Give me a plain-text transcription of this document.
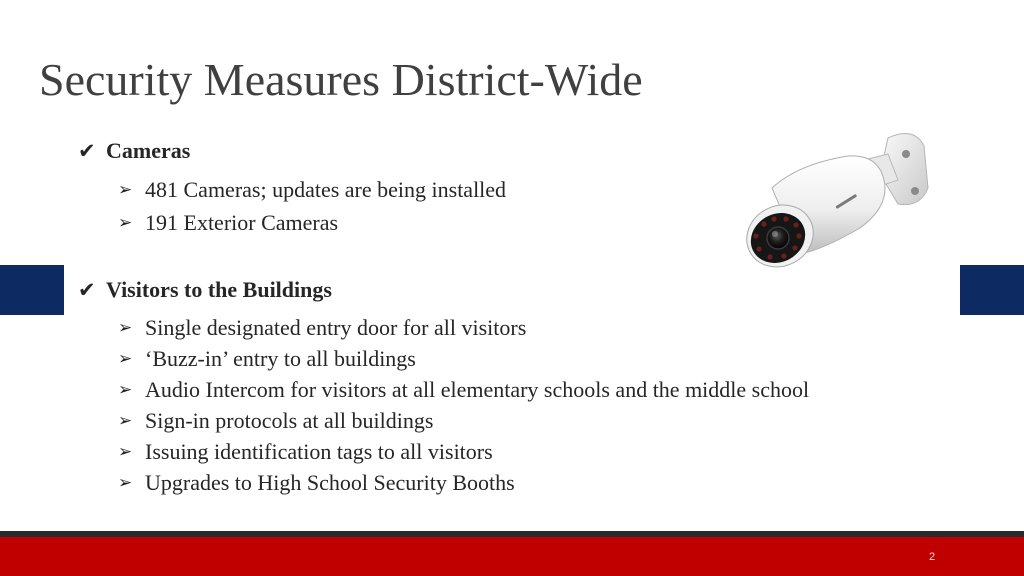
Security Measures District-Wide
✔ Cameras
➢ 481 Cameras; updates are being installed
➢ 191 Exterior Cameras
✔ Visitors to the Buildings
➢ Single designated entry door for all visitors
➢ ‘Buzz-in’ entry to all buildings
➢ Audio Intercom for visitors at all elementary schools and the middle school
➢ Sign-in protocols at all buildings
➢ Issuing identification tags to all visitors
➢ Upgrades to High School Security Booths
2
